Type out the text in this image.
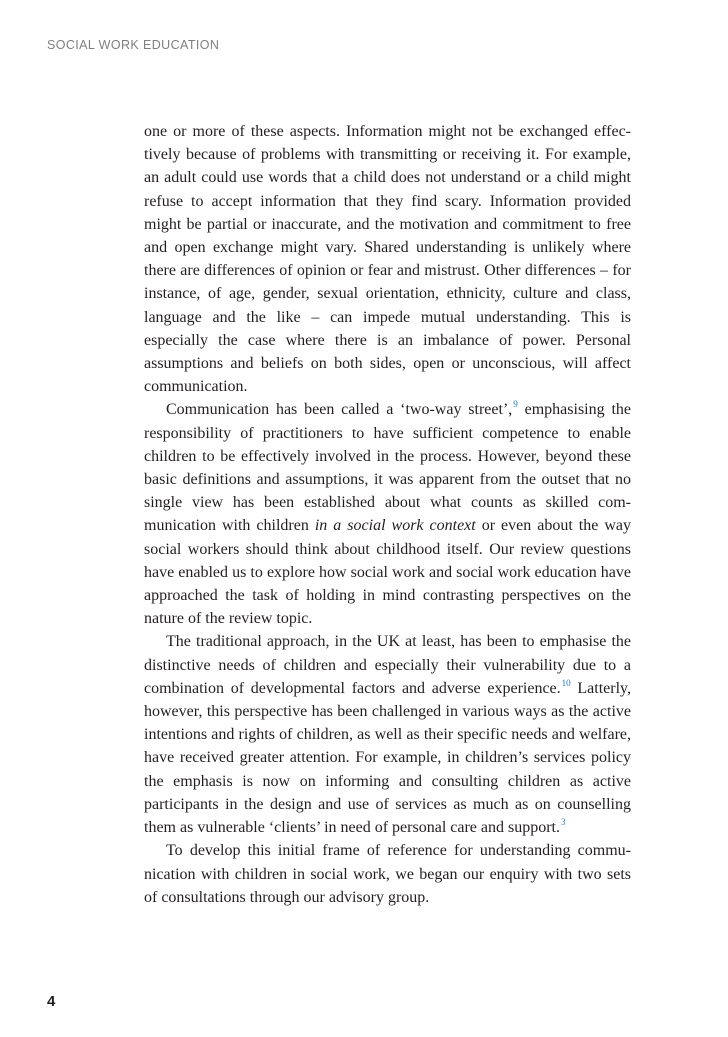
SOCIAL WORK EDUCATION

one or more of these aspects. Information might not be exchanged effectively because of problems with transmitting or receiving it. For example, an adult could use words that a child does not understand or a child might refuse to accept information that they find scary. Information provided might be partial or inaccurate, and the motivation and commitment to free and open exchange might vary. Shared understanding is unlikely where there are differences of opinion or fear and mistrust. Other differences – for instance, of age, gender, sexual orientation, ethnicity, culture and class, language and the like – can impede mutual understanding. This is especially the case where there is an imbalance of power. Personal assumptions and beliefs on both sides, open or unconscious, will affect communication.

Communication has been called a ‘two-way street’,$^9$ emphasising the responsibility of practitioners to have sufficient competence to enable children to be effectively involved in the process. However, beyond these basic definitions and assumptions, it was apparent from the outset that no single view has been established about what counts as skilled communication with children in a social work context or even about the way social workers should think about childhood itself. Our review questions have enabled us to explore how social work and social work education have approached the task of holding in mind contrasting perspectives on the nature of the review topic.

The traditional approach, in the UK at least, has been to emphasise the distinctive needs of children and especially their vulnerability due to a combination of developmental factors and adverse experience.$^{10}$ Latterly, however, this perspective has been challenged in various ways as the active intentions and rights of children, as well as their specific needs and welfare, have received greater attention. For example, in children’s services policy the emphasis is now on informing and consulting children as active participants in the design and use of services as much as on counselling them as vulnerable ‘clients’ in need of personal care and support.$^3$

To develop this initial frame of reference for understanding communication with children in social work, we began our enquiry with two sets of consultations through our advisory group.

4
